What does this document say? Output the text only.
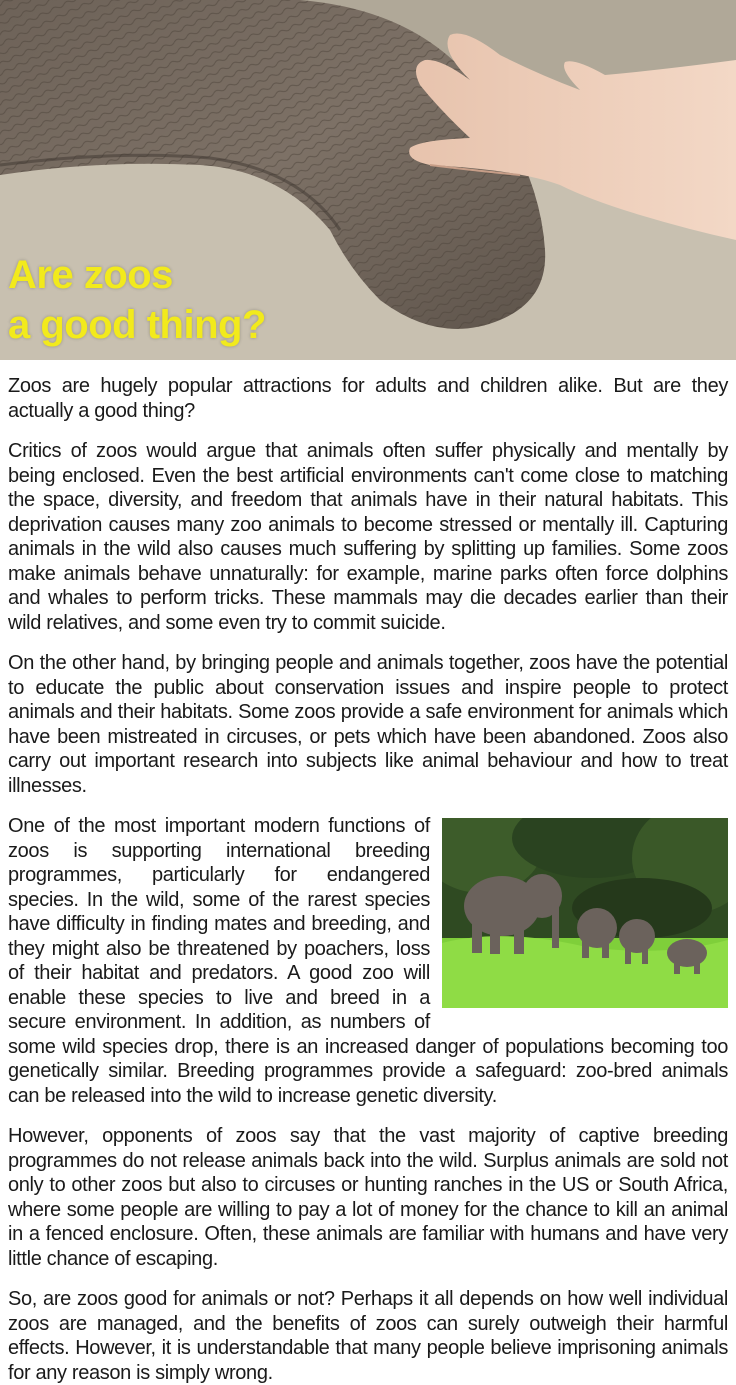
Are zoos
a good thing?

Zoos are hugely popular attractions for adults and children alike. But are they actually a good thing?

Critics of zoos would argue that animals often suffer physically and mentally by being enclosed. Even the best artificial environments can't come close to matching the space, diversity, and freedom that animals have in their natural habitats. This deprivation causes many zoo animals to become stressed or mentally ill. Capturing animals in the wild also causes much suffering by splitting up families. Some zoos make animals behave unnaturally: for example, marine parks often force dolphins and whales to perform tricks. These mammals may die decades earlier than their wild relatives, and some even try to commit suicide.

On the other hand, by bringing people and animals together, zoos have the potential to educate the public about conservation issues and inspire people to protect animals and their habitats. Some zoos provide a safe environment for animals which have been mistreated in circuses, or pets which have been abandoned. Zoos also carry out important research into subjects like animal behaviour and how to treat illnesses.

One of the most important modern functions of zoos is supporting international breeding programmes, particularly for endangered species. In the wild, some of the rarest species have difficulty in finding mates and breeding, and they might also be threatened by poachers, loss of their habitat and predators. A good zoo will enable these species to live and breed in a secure environment. In addition, as numbers of some wild species drop, there is an increased danger of populations becoming too genetically similar. Breeding programmes provide a safeguard: zoo-bred animals can be released into the wild to increase genetic diversity.

However, opponents of zoos say that the vast majority of captive breeding programmes do not release animals back into the wild. Surplus animals are sold not only to other zoos but also to circuses or hunting ranches in the US or South Africa, where some people are willing to pay a lot of money for the chance to kill an animal in a fenced enclosure. Often, these animals are familiar with humans and have very little chance of escaping.

So, are zoos good for animals or not? Perhaps it all depends on how well individual zoos are managed, and the benefits of zoos can surely outweigh their harmful effects. However, it is understandable that many people believe imprisoning animals for any reason is simply wrong.
